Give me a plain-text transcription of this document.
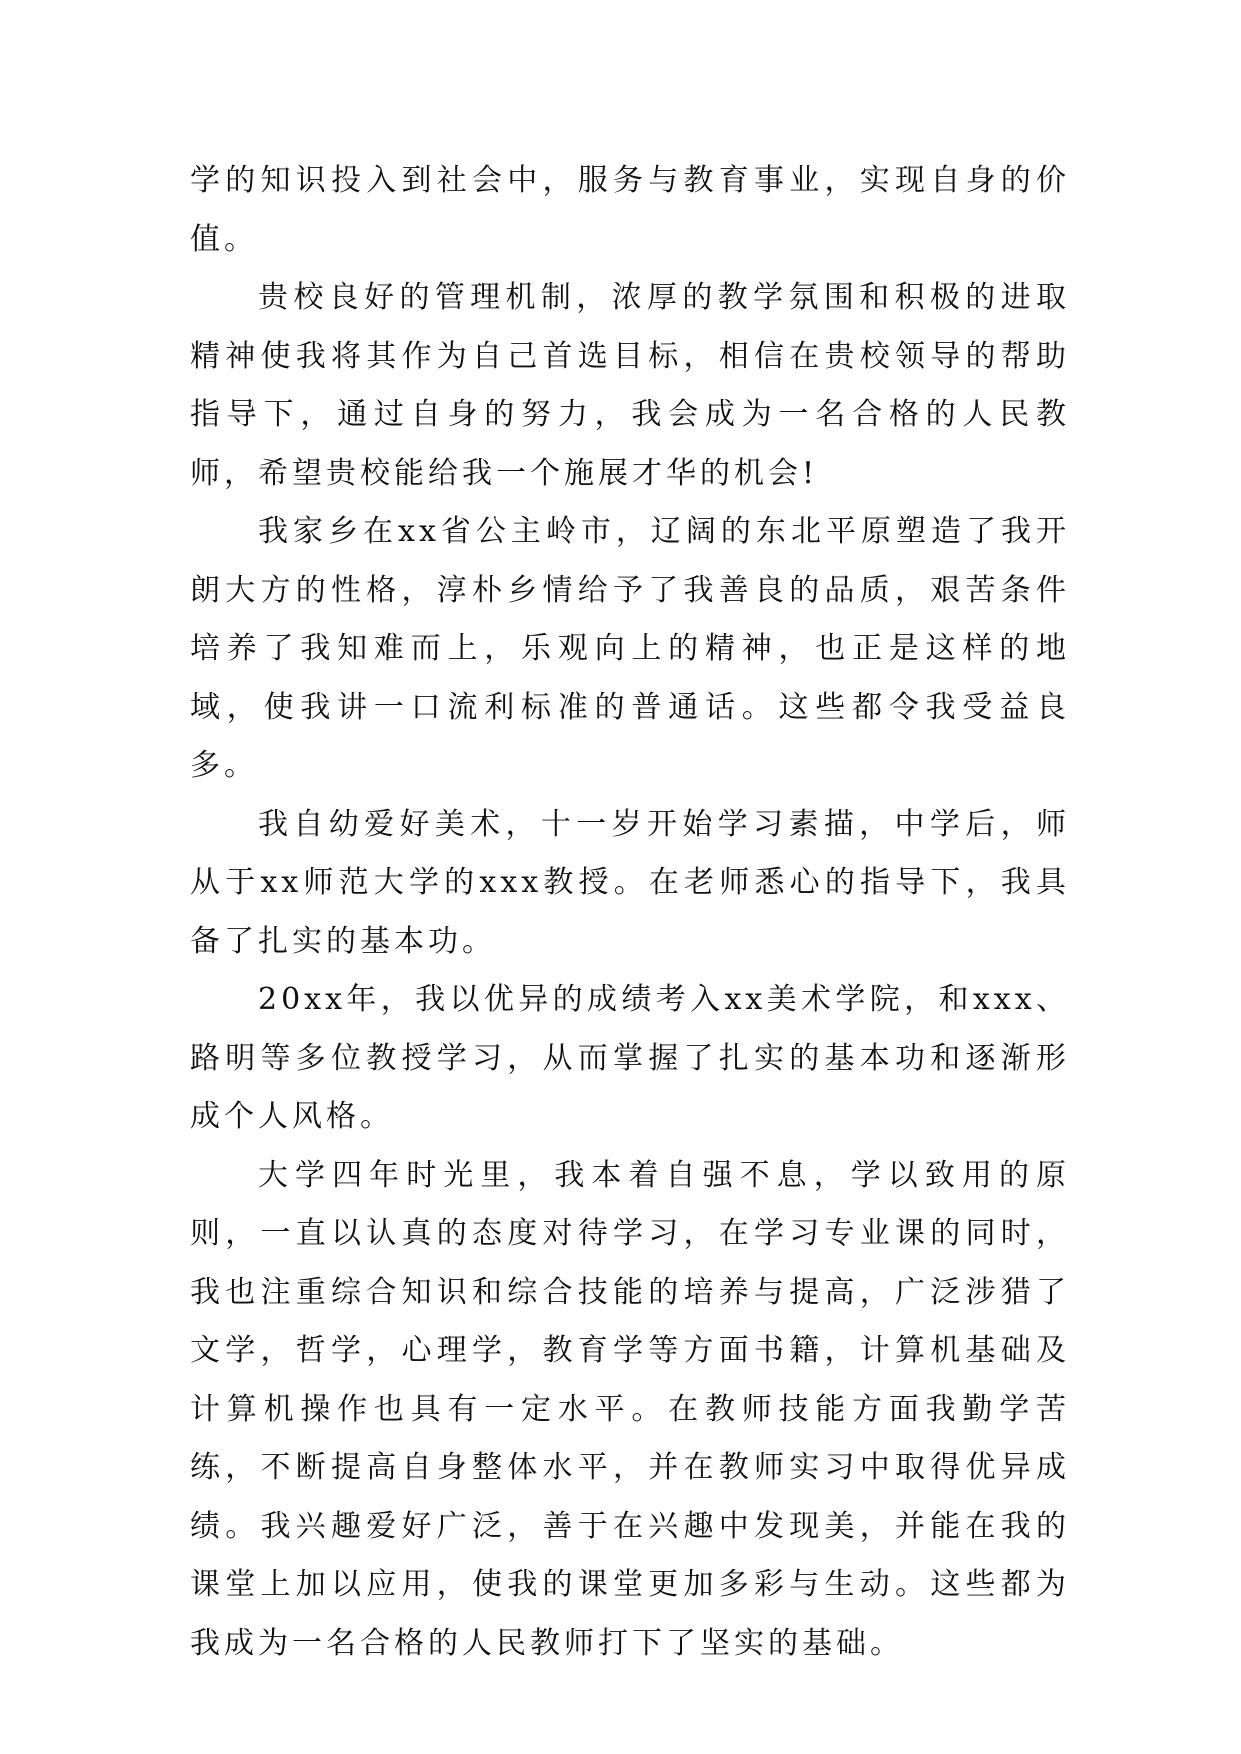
学的知识投入到社会中，服务与教育事业，实现自身的价值。

贵校良好的管理机制，浓厚的教学氛围和积极的进取精神使我将其作为自己首选目标，相信在贵校领导的帮助指导下，通过自身的努力，我会成为一名合格的人民教师，希望贵校能给我一个施展才华的机会!

我家乡在xx省公主岭市，辽阔的东北平原塑造了我开朗大方的性格，淳朴乡情给予了我善良的品质，艰苦条件培养了我知难而上，乐观向上的精神，也正是这样的地域，使我讲一口流利标准的普通话。这些都令我受益良多。

我自幼爱好美术，十一岁开始学习素描，中学后，师从于xx师范大学的xxx教授。在老师悉心的指导下，我具备了扎实的基本功。

20xx年，我以优异的成绩考入xx美术学院，和xxx、路明等多位教授学习，从而掌握了扎实的基本功和逐渐形成个人风格。

大学四年时光里，我本着自强不息，学以致用的原则，一直以认真的态度对待学习，在学习专业课的同时，我也注重综合知识和综合技能的培养与提高，广泛涉猎了文学，哲学，心理学，教育学等方面书籍，计算机基础及计算机操作也具有一定水平。在教师技能方面我勤学苦练，不断提高自身整体水平，并在教师实习中取得优异成绩。我兴趣爱好广泛，善于在兴趣中发现美，并能在我的课堂上加以应用，使我的课堂更加多彩与生动。这些都为我成为一名合格的人民教师打下了坚实的基础。
